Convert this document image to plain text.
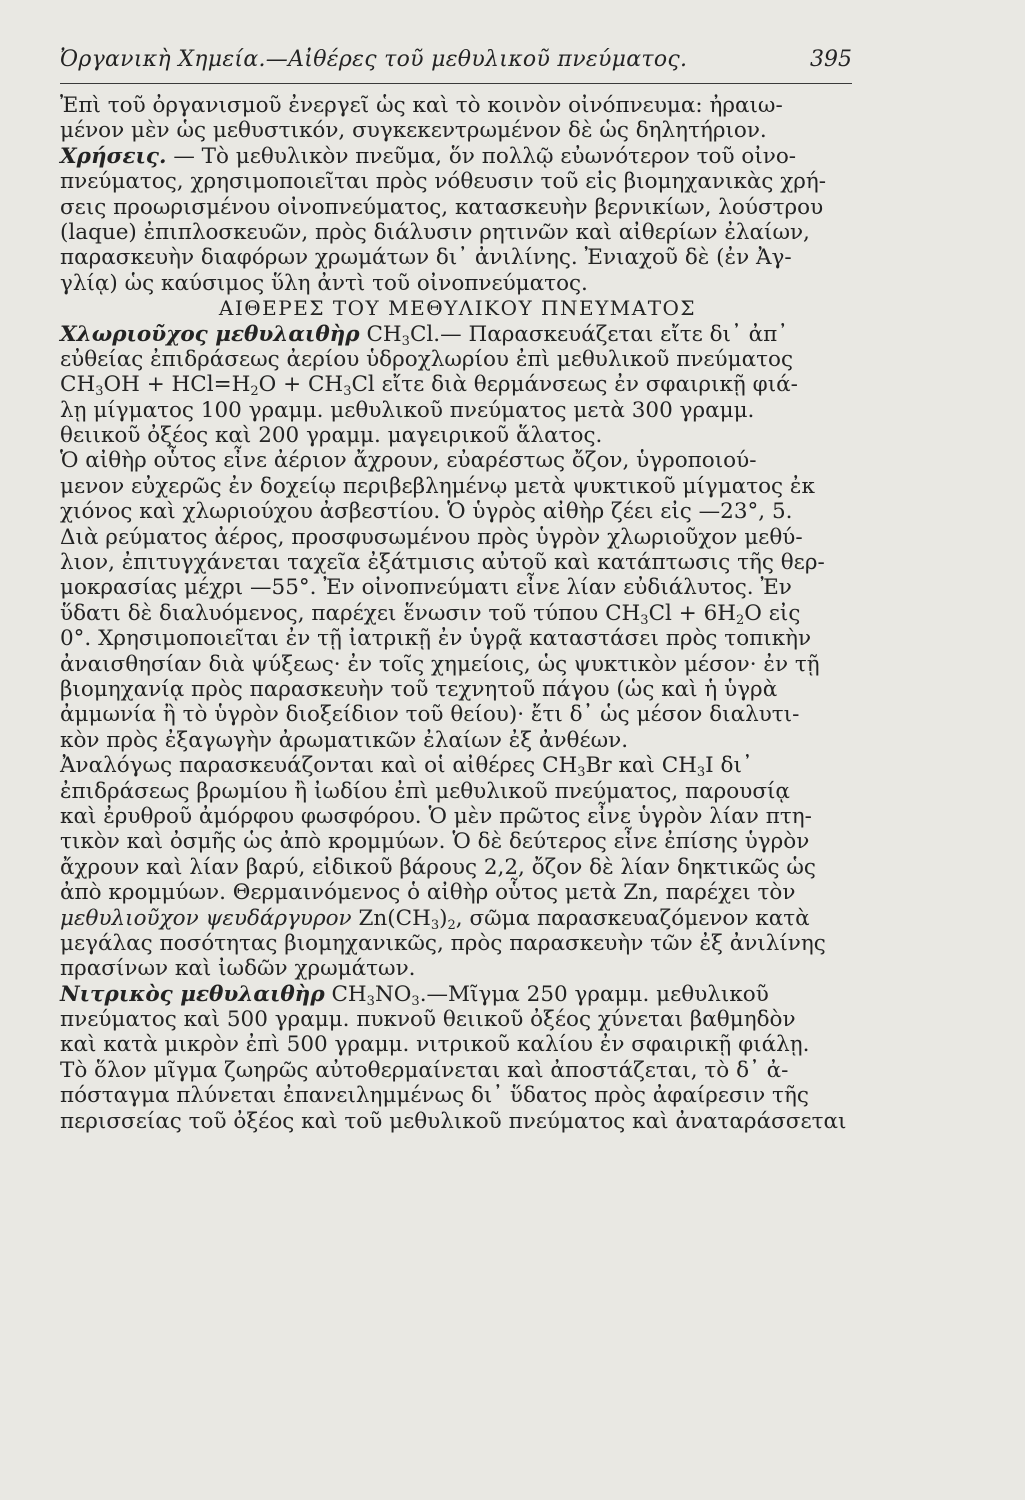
Ὀργανικὴ Χημεία.—Αἰθέρες τοῦ μεθυλικοῦ πνεύματος.	395
Ἐπὶ τοῦ ὀργανισμοῦ ἐνεργεῖ ὡς καὶ τὸ κοινὸν οἰνόπνευμα: ἠραιω-
μένον μὲν ὡς μεθυστικόν, συγκεκεντρωμένον δὲ ὡς δηλητήριον.
Χρήσεις. — Τὸ μεθυλικὸν πνεῦμα, ὅν πολλῷ εὐωνότερον τοῦ οἰνο-
πνεύματος, χρησιμοποιεῖται πρὸς νόθευσιν τοῦ εἰς βιομηχανικὰς χρή-
σεις προωρισμένου οἰνοπνεύματος, κατασκευὴν βερνικίων, λούστρου
(laque) ἐπιπλοσκευῶν, πρὸς διάλυσιν ρητινῶν καὶ αἰθερίων ἐλαίων,
παρασκευὴν διαφόρων χρωμάτων δι᾿ ἀνιλίνης. Ἐνιαχοῦ δὲ (ἐν Ἀγ-
γλίᾳ) ὡς καύσιμος ὕλη ἀντὶ τοῦ οἰνοπνεύματος.
ΑΙΘΕΡΕΣ ΤΟΥ ΜΕΘΥΛΙΚΟΥ ΠΝΕΥΜΑΤΟΣ
Χλωριοῦχος μεθυλαιθὴρ $CH_3Cl.—$ Παρασκευάζεται εἴτε δι᾿ ἀπ᾿
εὐθείας ἐπιδράσεως ἀερίου ὑδροχλωρίου ἐπὶ μεθυλικοῦ πνεύματος
$CH_3OH + HCl=H_2O + CH_3Cl$ εἴτε διὰ θερμάνσεως ἐν σφαιρικῇ φιά-
λῃ μίγματος 100 γραμμ. μεθυλικοῦ πνεύματος μετὰ 300 γραμμ.
θειικοῦ ὀξέος καὶ 200 γραμμ. μαγειρικοῦ ἅλατος.
Ὁ αἰθὴρ οὗτος εἶνε ἀέριον ἄχρουν, εὐαρέστως ὄζον, ὑγροποιού-
μενον εὐχερῶς ἐν δοχείῳ περιβεβλημένῳ μετὰ ψυκτικοῦ μίγματος ἐκ
χιόνος καὶ χλωριούχου ἀσβεστίου. Ὁ ὑγρὸς αἰθὴρ ζέει εἰς —23°, 5.
Διὰ ρεύματος ἀέρος, προσφυσωμένου πρὸς ὑγρὸν χλωριοῦχον μεθύ-
λιον, ἐπιτυγχάνεται ταχεῖα ἐξάτμισις αὐτοῦ καὶ κατάπτωσις τῆς θερ-
μοκρασίας μέχρι —55°. Ἐν οἰνοπνεύματι εἶνε λίαν εὐδιάλυτος. Ἐν
ὕδατι δὲ διαλυόμενος, παρέχει ἕνωσιν τοῦ τύπου $CH_3Cl + 6H_2O$ εἰς
0°. Χρησιμοποιεῖται ἐν τῇ ἰατρικῇ ἐν ὑγρᾷ καταστάσει πρὸς τοπικὴν
ἀναισθησίαν διὰ ψύξεως· ἐν τοῖς χημείοις, ὡς ψυκτικὸν μέσον· ἐν τῇ
βιομηχανίᾳ πρὸς παρασκευὴν τοῦ τεχνητοῦ πάγου (ὡς καὶ ἡ ὑγρὰ
ἀμμωνία ἢ τὸ ὑγρὸν διοξείδιον τοῦ θείου)· ἔτι δ᾿ ὡς μέσον διαλυτι-
κὸν πρὸς ἐξαγωγὴν ἀρωματικῶν ἐλαίων ἐξ ἀνθέων.
Ἀναλόγως παρασκευάζονται καὶ οἱ αἰθέρες $CH_3Br$ καὶ $CH_3I$ δι᾿
ἐπιδράσεως βρωμίου ἢ ἰωδίου ἐπὶ μεθυλικοῦ πνεύματος, παρουσίᾳ
καὶ ἐρυθροῦ ἀμόρφου φωσφόρου. Ὁ μὲν πρῶτος εἶνε ὑγρὸν λίαν πτη-
τικὸν καὶ ὀσμῆς ὡς ἀπὸ κρομμύων. Ὁ δὲ δεύτερος εἶνε ἐπίσης ὑγρὸν
ἄχρουν καὶ λίαν βαρύ, εἰδικοῦ βάρους 2,2, ὄζον δὲ λίαν δηκτικῶς ὡς
ἀπὸ κρομμύων. Θερμαινόμενος ὁ αἰθὴρ οὗτος μετὰ Zn, παρέχει τὸν
μεθυλιοῦχον ψευδάργυρον $Zn(CH_3)_2$, σῶμα παρασκευαζόμενον κατὰ
μεγάλας ποσότητας βιομηχανικῶς, πρὸς παρασκευὴν τῶν ἐξ ἀνιλίνης
πρασίνων καὶ ἰωδῶν χρωμάτων.
Νιτρικὸς μεθυλαιθὴρ $CH_3NO_3.—Mῖ\gamma\mu\alpha$ 250 γραμμ. μεθυλικοῦ
πνεύματος καὶ 500 γραμμ. πυκνοῦ θειικοῦ ὀξέος χύνεται βαθμηδὸν
καὶ κατὰ μικρὸν ἐπὶ 500 γραμμ. νιτρικοῦ καλίου ἐν σφαιρικῇ φιάλῃ.
Τὸ ὅλον μῖγμα ζωηρῶς αὐτοθερμαίνεται καὶ ἀποστάζεται, τὸ δ᾿ ἀ-
πόσταγμα πλύνεται ἐπανειλημμένως δι᾿ ὕδατος πρὸς ἀφαίρεσιν τῆς
περισσείας τοῦ ὀξέος καὶ τοῦ μεθυλικοῦ πνεύματος καὶ ἀναταράσσεται
